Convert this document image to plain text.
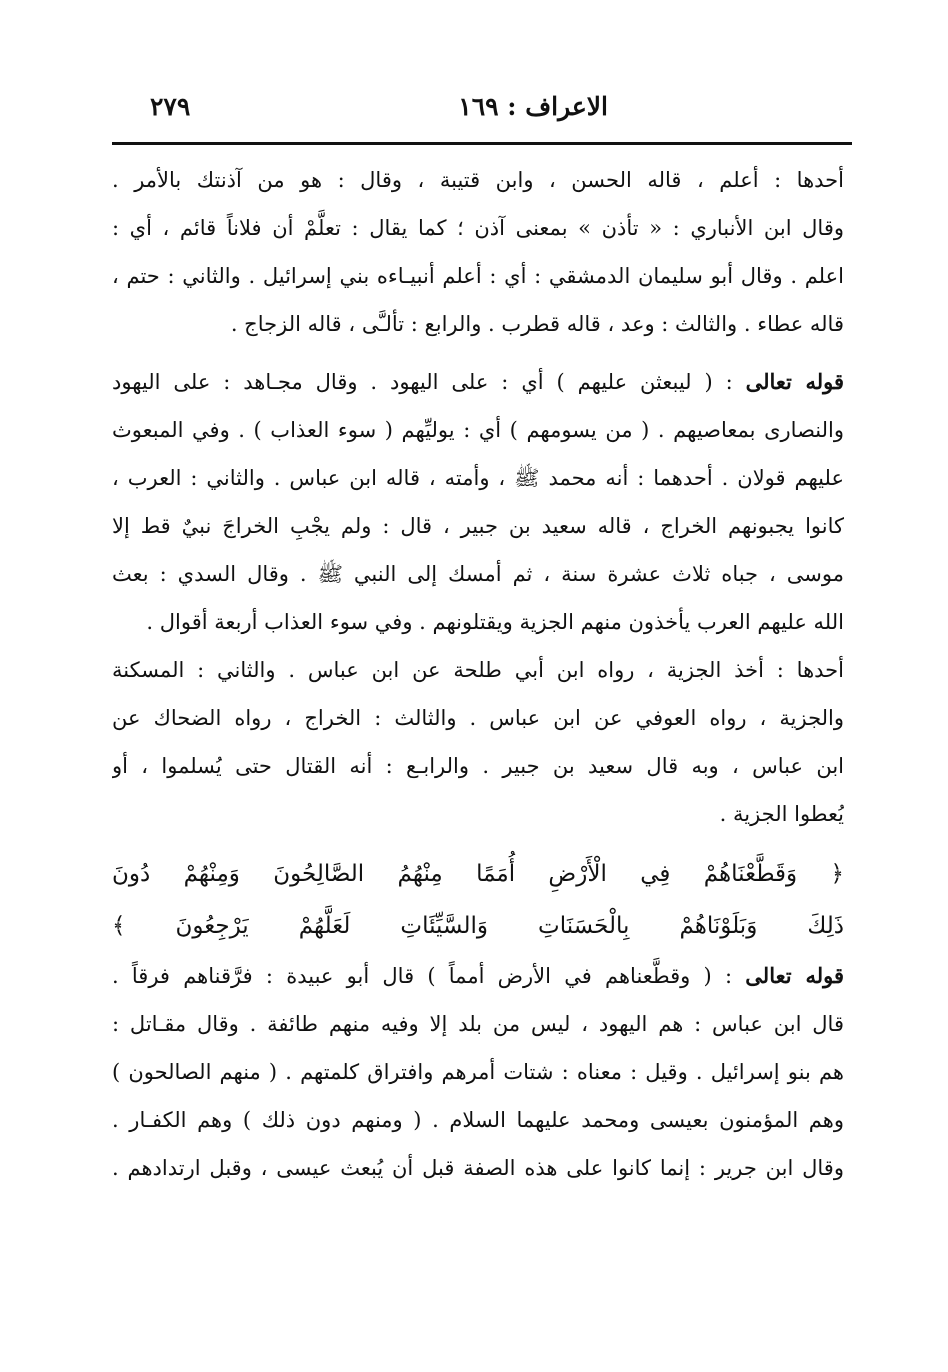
الاعراف : ١٦٩
٢٧٩
أحدها : أعلم ، قاله الحسن ، وابن قتيبة ، وقال : هو من آذنتك بالأمر .
وقال ابن الأنباري : « تأذن » بمعنى آذن ؛ كما يقال : تعلَّمْ أن فلاناً قائم ، أي :
اعلم . وقال أبو سليمان الدمشقي : أي : أعلم أنبيـاءه بني إسرائيل . والثاني : حتم ،
قاله عطاء . والثالث : وعد ، قاله قطرب . والرابع : تألـَّى ، قاله الزجاج .
قوله تعالى : ( ليبعثن عليهم ) أي : على اليهود . وقال مجـاهد : على اليهود
والنصارى بمعاصيهم . ( من يسومهم ) أي : يوليِّهم ( سوء العذاب ) . وفي المبعوث
عليهم قولان . أحدهما : أنه محمد ﷺ ، وأمته ، قاله ابن عباس . والثاني : العرب ،
كانوا يجبونهم الخراج ، قاله سعيد بن جبير ، قال : ولم يجْبِ الخراجَ نبيٌ قط إلا
موسى ، جباه ثلاث عشرة سنة ، ثم أمسك إلى النبي ﷺ . وقال السدي : بعث
الله عليهم العرب يأخذون منهم الجزية ويقتلونهم . وفي سوء العذاب أربعة أقوال .
أحدها : أخذ الجزية ، رواه ابن أبي طلحة عن ابن عباس . والثاني : المسكنة
والجزية ، رواه العوفي عن ابن عباس . والثالث : الخراج ، رواه الضحاك عن
ابن عباس ، وبه قال سعيد بن جبير . والرابـع : أنه القتال حتى يُسلموا ، أو
يُعطوا الجزية .
﴿ وَقَطَّعْنَاهُمْ فِي الْأَرْضِ أُمَمًا مِنْهُمُ الصَّالِحُونَ وَمِنْهُمْ دُونَ
ذَلِكَ وَبَلَوْنَاهُمْ بِالْحَسَنَاتِ وَالسَّيِّئَاتِ لَعَلَّهُمْ يَرْجِعُونَ ﴾
قوله تعالى : ( وقطَّعناهم في الأرض أمماً ) قال أبو عبيدة : فرَّقناهم فرقاً .
قال ابن عباس : هم اليهود ، ليس من بلد إلا وفيه منهم طائفة . وقال مقـاتل :
هم بنو إسرائيل . وقيل : معناه : شتات أمرهم وافتراق كلمتهم . ( منهم الصالحون )
وهم المؤمنون بعيسى ومحمد عليهما السلام . ( ومنهم دون ذلك ) وهم الكفـار .
وقال ابن جرير : إنما كانوا على هذه الصفة قبل أن يُبعث عيسى ، وقبل ارتدادهم .
